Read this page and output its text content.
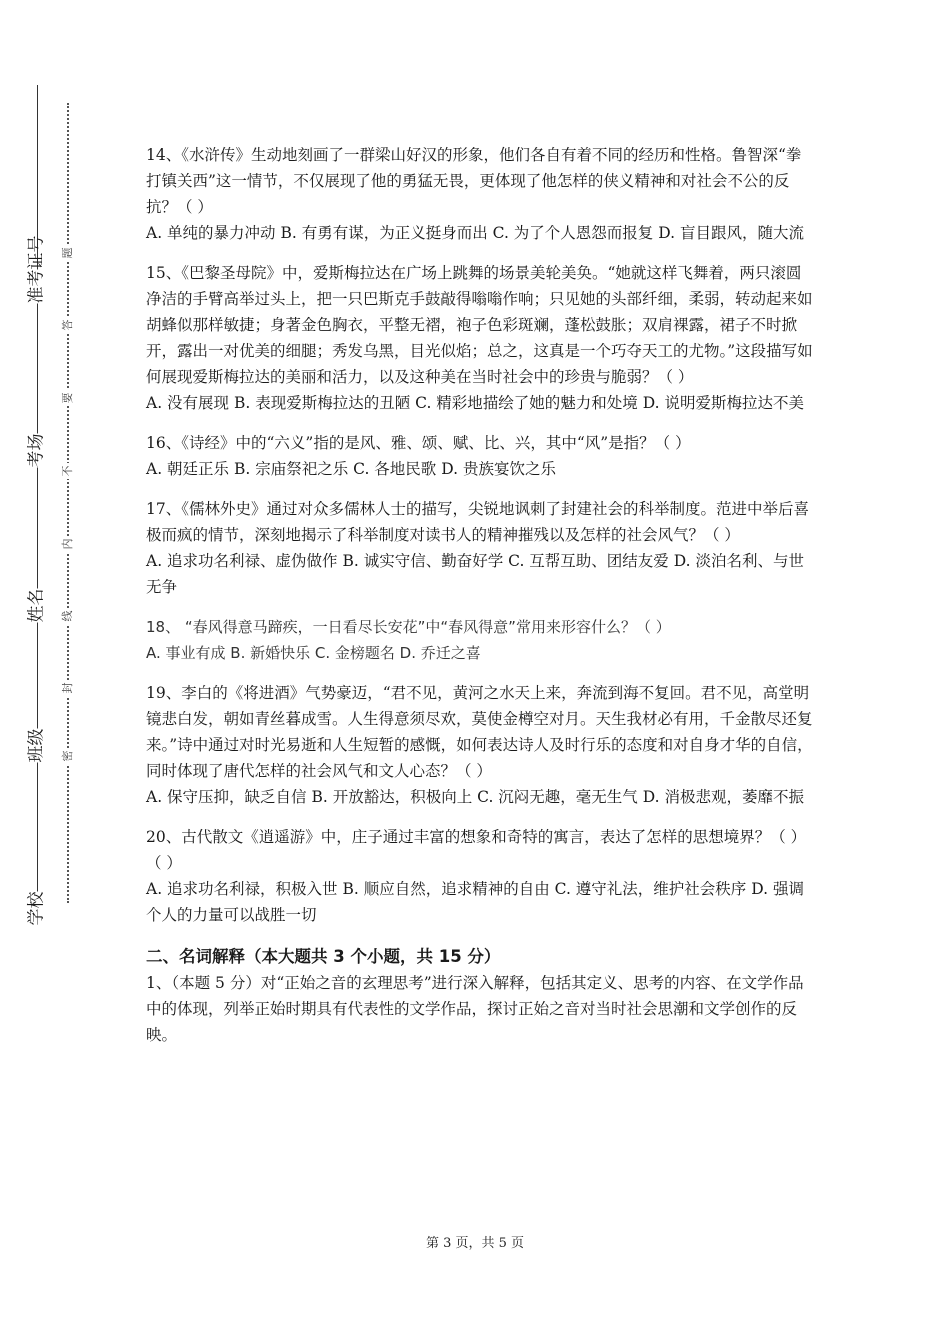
准考证号
考场
姓名
班级
学校
题
答
要
不
内
线
封
密

14、《水浒传》生动地刻画了一群梁山好汉的形象，他们各自有着不同的经历和性格。鲁智深“拳打镇关西”这一情节，不仅展现了他的勇猛无畏，更体现了他怎样的侠义精神和对社会不公的反抗？（ ）

A. 单纯的暴力冲动 B. 有勇有谋，为正义挺身而出 C. 为了个人恩怨而报复 D. 盲目跟风，随大流

15、《巴黎圣母院》中，爱斯梅拉达在广场上跳舞的场景美轮美奂。“她就这样飞舞着，两只滚圆净洁的手臂高举过头上，把一只巴斯克手鼓敲得嗡嗡作响；只见她的头部纤细，柔弱，转动起来如胡蜂似那样敏捷；身著金色胸衣，平整无褶，袍子色彩斑斓，蓬松鼓胀；双肩裸露，裙子不时掀开，露出一对优美的细腿；秀发乌黑，目光似焰；总之，这真是一个巧夺天工的尤物。”这段描写如何展现爱斯梅拉达的美丽和活力，以及这种美在当时社会中的珍贵与脆弱？（ ）

A. 没有展现 B. 表现爱斯梅拉达的丑陋 C. 精彩地描绘了她的魅力和处境 D. 说明爱斯梅拉达不美

16、《诗经》中的“六义”指的是风、雅、颂、赋、比、兴，其中“风”是指？（ ）

A. 朝廷正乐 B. 宗庙祭祀之乐 C. 各地民歌 D. 贵族宴饮之乐

17、《儒林外史》通过对众多儒林人士的描写，尖锐地讽刺了封建社会的科举制度。范进中举后喜极而疯的情节，深刻地揭示了科举制度对读书人的精神摧残以及怎样的社会风气？（ ）

A. 追求功名利禄、虚伪做作 B. 诚实守信、勤奋好学 C. 互帮互助、团结友爱 D. 淡泊名利、与世无争

18、 “春风得意马蹄疾，一日看尽长安花”中“春风得意”常用来形容什么？（ ）

A. 事业有成 B. 新婚快乐 C. 金榜题名 D. 乔迁之喜

19、李白的《将进酒》气势豪迈，“君不见，黄河之水天上来，奔流到海不复回。君不见，高堂明镜悲白发，朝如青丝暮成雪。人生得意须尽欢，莫使金樽空对月。天生我材必有用，千金散尽还复来。”诗中通过对时光易逝和人生短暂的感慨，如何表达诗人及时行乐的态度和对自身才华的自信，同时体现了唐代怎样的社会风气和文人心态？（ ）

A. 保守压抑，缺乏自信 B. 开放豁达，积极向上 C. 沉闷无趣，毫无生气 D. 消极悲观，萎靡不振

20、古代散文《逍遥游》中，庄子通过丰富的想象和奇特的寓言，表达了怎样的思想境界？（ ） （ ）

A. 追求功名利禄，积极入世 B. 顺应自然，追求精神的自由 C. 遵守礼法，维护社会秩序 D. 强调个人的力量可以战胜一切

二、名词解释（本大题共 3 个小题，共 15 分）

1、（本题 5 分）对“正始之音的玄理思考”进行深入解释，包括其定义、思考的内容、在文学作品中的体现，列举正始时期具有代表性的文学作品，探讨正始之音对当时社会思潮和文学创作的反映。

第 3 页，共 5 页
